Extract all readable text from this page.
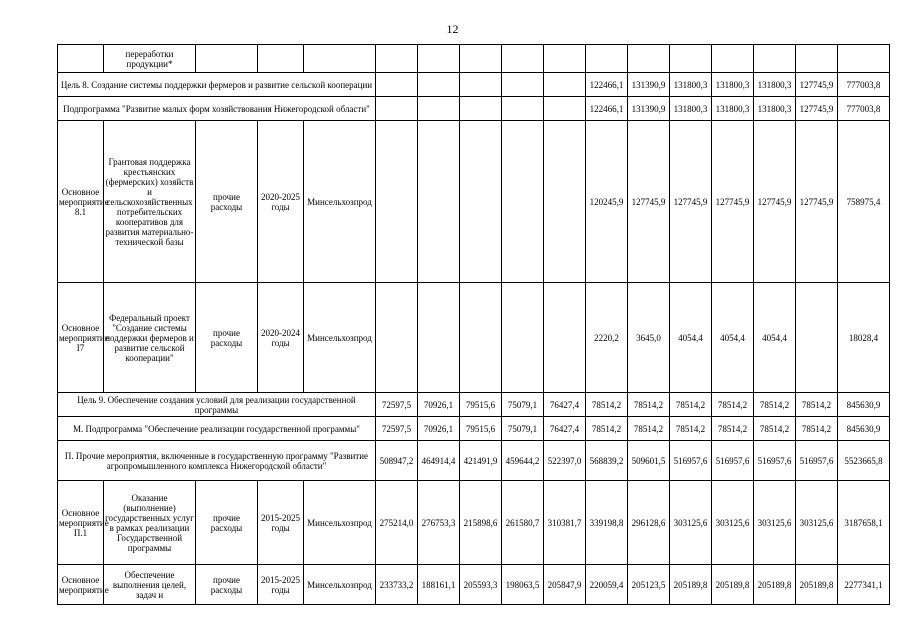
12
	переработки продукции*															
Цель 8. Создание системы поддержки фермеров и развитие сельской кооперации										122466,1	131390,9	131800,3	131800,3	131800,3	127745,9	777003,8
Подпрограмма "Развитие малых форм хозяйствования Нижегородской области"										122466,1	131390,9	131800,3	131800,3	131800,3	127745,9	777003,8
Основное мероприятие 8.1	Грантовая поддержка крестьянских (фермерских) хозяйств и сельскохозяйственных потребительских кооперативов для развития материально-технической базы	прочие расходы	2020-2025 годы	Минсельхозпрод						120245,9	127745,9	127745,9	127745,9	127745,9	127745,9	758975,4
Основное мероприятие I7	Федеральный проект "Создание системы поддержки фермеров и развитие сельской кооперации"	прочие расходы	2020-2024 годы	Минсельхозпрод						2220,2	3645,0	4054,4	4054,4	4054,4		18028,4
Цель 9. Обеспечение создания условий для реализации государственной программы					72597,5	70926,1	79515,6	75079,1	76427,4	78514,2	78514,2	78514,2	78514,2	78514,2	78514,2	845630,9
М. Подпрограмма "Обеспечение реализации государственной программы"					72597,5	70926,1	79515,6	75079,1	76427,4	78514,2	78514,2	78514,2	78514,2	78514,2	78514,2	845630,9
П. Прочие мероприятия, включенные в государственную программу "Развитие агропромышленного комплекса Нижегородской области"					508947,2	464914,4	421491,9	459644,2	522397,0	568839,2	509601,5	516957,6	516957,6	516957,6	516957,6	5523665,8
Основное мероприятие П.1	Оказание (выполнение) государственных услуг в рамках реализации Государственной программы	прочие расходы	2015-2025 годы	Минсельхозпрод	275214,0	276753,3	215898,6	261580,7	310381,7	339198,8	296128,6	303125,6	303125,6	303125,6	303125,6	3187658,1
Основное мероприятие	Обеспечение выполнения целей, задач и	прочие расходы	2015-2025 годы	Минсельхозпрод	233733,2	188161,1	205593,3	198063,5	205847,9	220059,4	205123,5	205189,8	205189,8	205189,8	205189,8	2277341,1
